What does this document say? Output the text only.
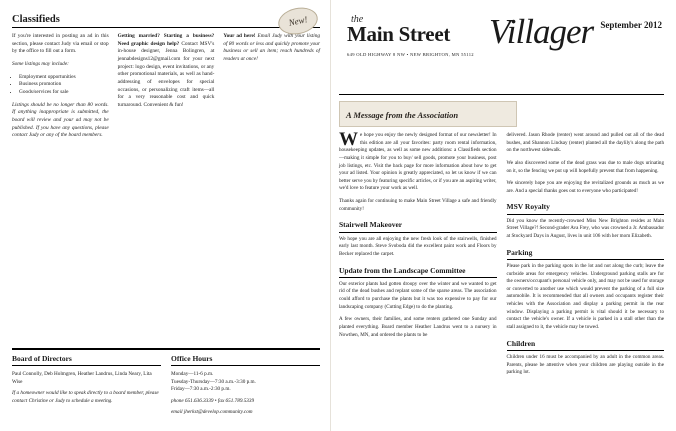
New!
Classifieds

If you're interested in posting an ad in this section, please contact Judy via email or stop by the office to fill out a form.

Some listings may include:

• Employment opportunities
• Business promotion
• Goods/services for sale

Listings should be no longer than 80 words. If anything inappropriate is submitted, the board will review and your ad may not be published. If you have any questions, please contact Judy or any of the board members.

Getting married? Starting a business? Need graphic design help? Contact MSV's in-house designer, Jenna Bolingren, at jennabdesigns12@gmail.com for your next project: logo design, event invitations, or any other promotional materials, as well as hand-addressing of envelopes for special occasions, or personalizing craft items—all for a very reasonable cost and quick turnaround. Convenient & fun!

Your ad here! Email Judy with your listing of 80 words or less and quickly promote your business or sell an item; reach hundreds of readers at once!

Board of Directors

Paul Connolly, Deb Holmgren, Heather Landrus, Linda Neary, Lita Wise

If a homeowner would like to speak directly to a board member, please contact Christine or Judy to schedule a meeting.

Office Hours

Monday—11-6 p.m.
Tuesday-Thursday—7:30 a.m.-3:30 p.m.
Friday—7:30 a.m.-2:30 p.m.

phone 651.636.3339 • fax 651.789.5339

email jherkst@develop.community.com

the
Main Street Villager September 2012
649 OLD HIGHWAY 8 NW • NEW BRIGHTON, MN 55112
A Message from the Association

We hope you enjoy the newly designed format of our newsletter! In this edition are all your favorites: party room rental information, housekeeping updates, as well as some new additions: a Classifieds section—making it simple for you to buy/ sell goods, promote your business, post job listings, etc. Visit the back page for more information about how to get your ad listed. Your opinion is greatly appreciated, so let us know if we can better serve you by featuring specific articles, or if you are an aspiring writer, we'd love to feature your work as well.

Thanks again for continuing to make Main Street Village a safe and friendly community!

Stairwell Makeover

We hope you are all enjoying the new fresh look of the stairwells, finished early last month. Steve Svoboda did the excellent paint work and Floors by Becker replaced the carpet.

Update from the Landscape Committee

Our exterior plants had gotten droopy over the winter and we wanted to get rid of the dead bushes and replant some of the sparse areas. The association could afford to purchase the plants but it was too expensive to pay for our landscaping company (Cutting Edge) to do the planting.

A few owners, their families, and some renters gathered one Sunday and planted everything. Board member Heather Landrus went to a nursery in Nowthen, MN, and ordered the plants to be

delivered. Jason Rhode (renter) went around and pulled out all of the dead bushes, and Shannon Lindsay (renter) planted all the daylily's along the path on the northwest sidewalk.

We also discovered some of the dead grass was due to male dogs urinating on it, so the fencing we put up will hopefully prevent that from happening.

We sincerely hope you are enjoying the revitalized grounds as much as we are. And a special thanks goes out to everyone who participated!

MSV Royalty

Did you know the recently-crowned Miss New Brighton resides at Main Street Village?! Second-grader Ava Frey, who was crowned a Jr. Ambassador at Stockyard Days in August, lives in unit 106 with her mom Elizabeth.

Parking

Please park in the parking spots in the lot and not along the curb; leave the curbside areas for emergency vehicles. Underground parking stalls are for the owners/occupant's personal vehicle only, and may not be used for storage or converted to another use which would prevent the parking of a full size automobile. It is recommended that all owners and occupants register their vehicles with the Association and display a parking permit in the rear window. Displaying a parking permit is vital should it be necessary to contact the vehicle's owner. If a vehicle is parked in a stall other than the stall assigned to it, the vehicle may be towed.

Children

Children under 16 must be accompanied by an adult in the common areas. Parents, please be attentive when your children are playing outside in the parking lot.
